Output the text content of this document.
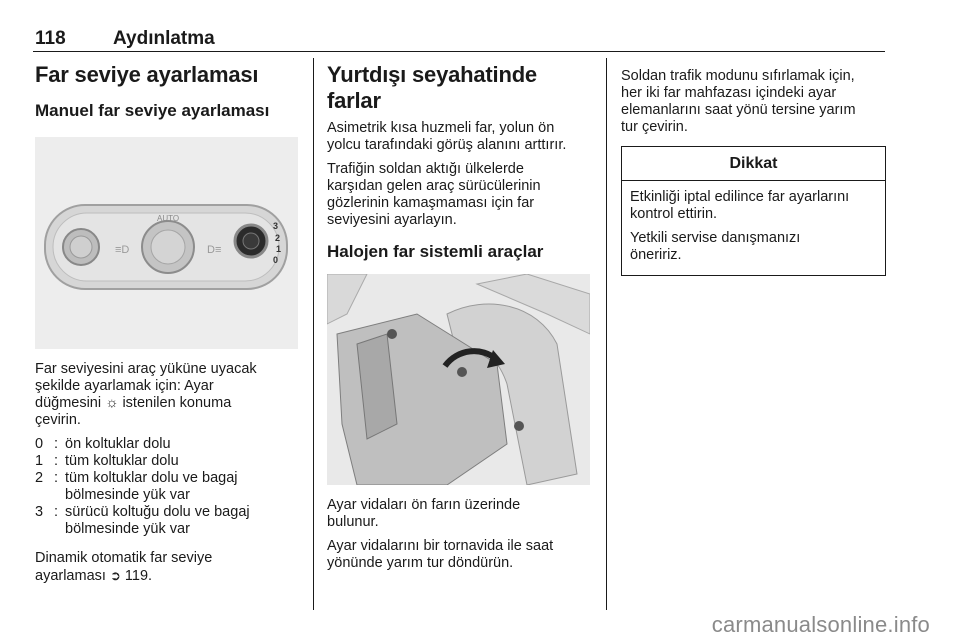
118 Aydınlatma
Far seviye ayarlaması
Manuel far seviye ayarlaması
AUTO
≡D	D≡
3
2
1
0

Far seviyesini araç yüküne uyacak
şekilde ayarlamak için: Ayar
düğmesini ☼ istenilen konuma
çevirin.

0 : ön koltuklar dolu
1 : tüm koltuklar dolu
2 : tüm koltuklar dolu ve bagaj
bölmesinde yük var
3 : sürücü koltuğu dolu ve bagaj
bölmesinde yük var

Dinamik otomatik far seviye
ayarlaması ➲ 119.

Yurtdışı seyahatinde farlar

Asimetrik kısa huzmeli far, yolun ön
yolcu tarafındaki görüş alanını arttırır.

Trafiğin soldan aktığı ülkelerde
karşıdan gelen araç sürücülerinin
gözlerinin kamaşmaması için far
seviyesini ayarlayın.

Halojen far sistemli araçlar

Ayar vidaları ön farın üzerinde
bulunur.

Ayar vidalarını bir tornavida ile saat
yönünde yarım tur döndürün.

Soldan trafik modunu sıfırlamak için,
her iki far mahfazası içindeki ayar
elemanlarını saat yönü tersine yarım
tur çevirin.

Dikkat

Etkinliği iptal edilince far ayarlarını
kontrol ettirin.

Yetkili servise danışmanızı
öneririz.

carmanualsonline.info
